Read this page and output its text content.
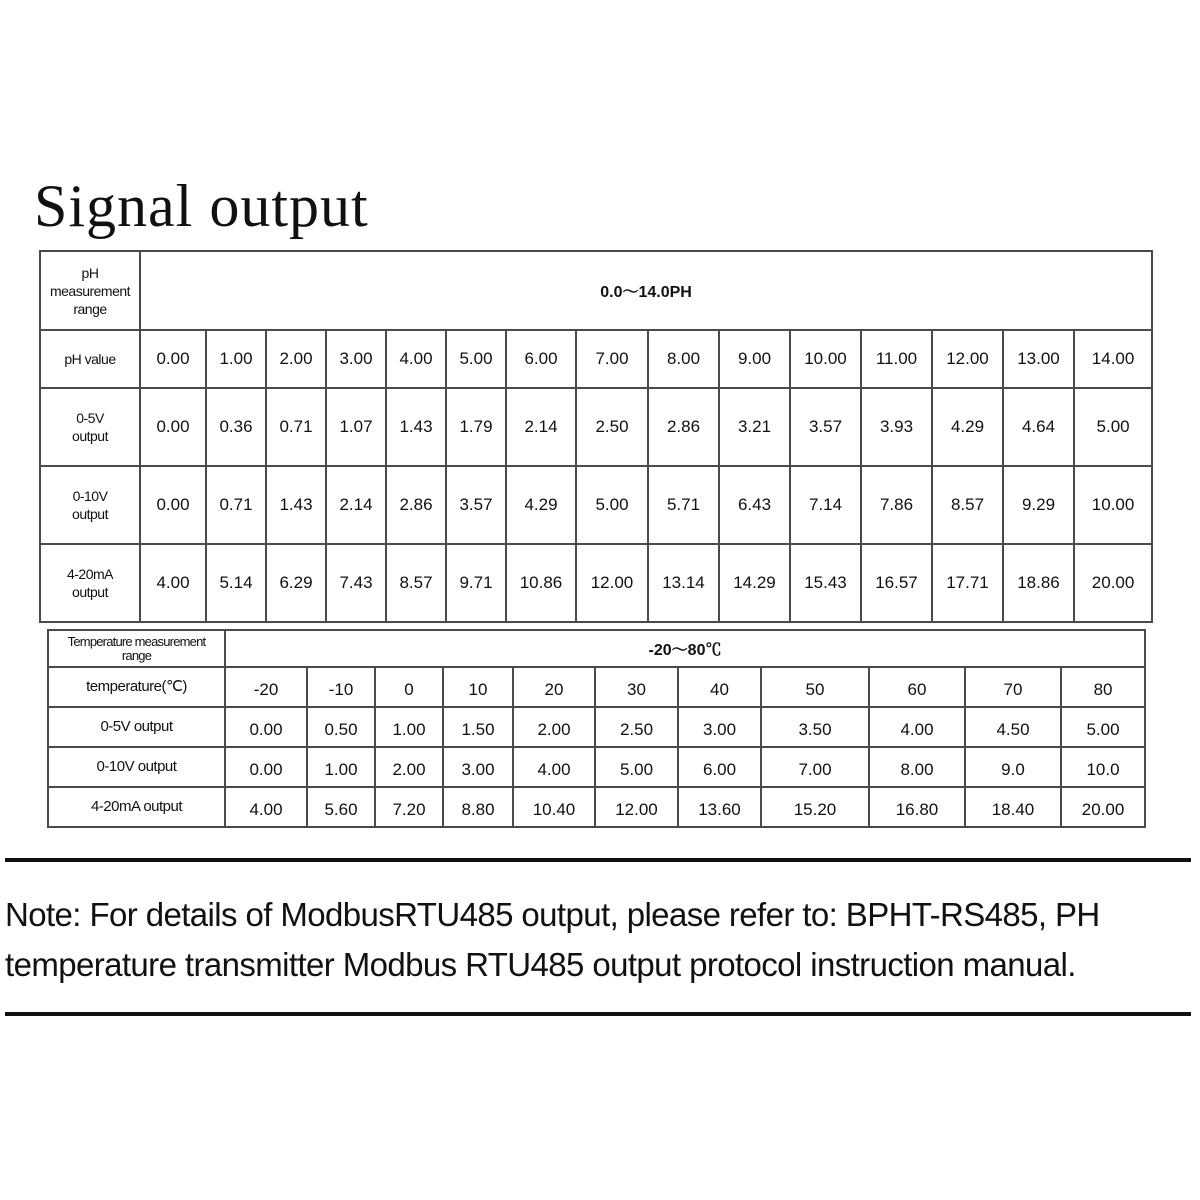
Signal output
pH
measurement
range	0.0～14.0PH														
pH value	0.00	1.00	2.00	3.00	4.00	5.00	6.00	7.00	8.00	9.00	10.00	11.00	12.00	13.00	14.00
0-5V
output	0.00	0.36	0.71	1.07	1.43	1.79	2.14	2.50	2.86	3.21	3.57	3.93	4.29	4.64	5.00
0-10V
output	0.00	0.71	1.43	2.14	2.86	3.57	4.29	5.00	5.71	6.43	7.14	7.86	8.57	9.29	10.00
4-20mA
output	4.00	5.14	6.29	7.43	8.57	9.71	10.86	12.00	13.14	14.29	15.43	16.57	17.71	18.86	20.00
Temperature measurement
range	-20～80℃										
temperature(℃)	-20	-10	0	10	20	30	40	50	60	70	80
0-5V output	0.00	0.50	1.00	1.50	2.00	2.50	3.00	3.50	4.00	4.50	5.00
0-10V output	0.00	1.00	2.00	3.00	4.00	5.00	6.00	7.00	8.00	9.0	10.0
4-20mA output	4.00	5.60	7.20	8.80	10.40	12.00	13.60	15.20	16.80	18.40	20.00

Note: For details of ModbusRTU485 output, please refer to: BPHT-RS485, PH

temperature transmitter Modbus RTU485 output protocol instruction manual.
